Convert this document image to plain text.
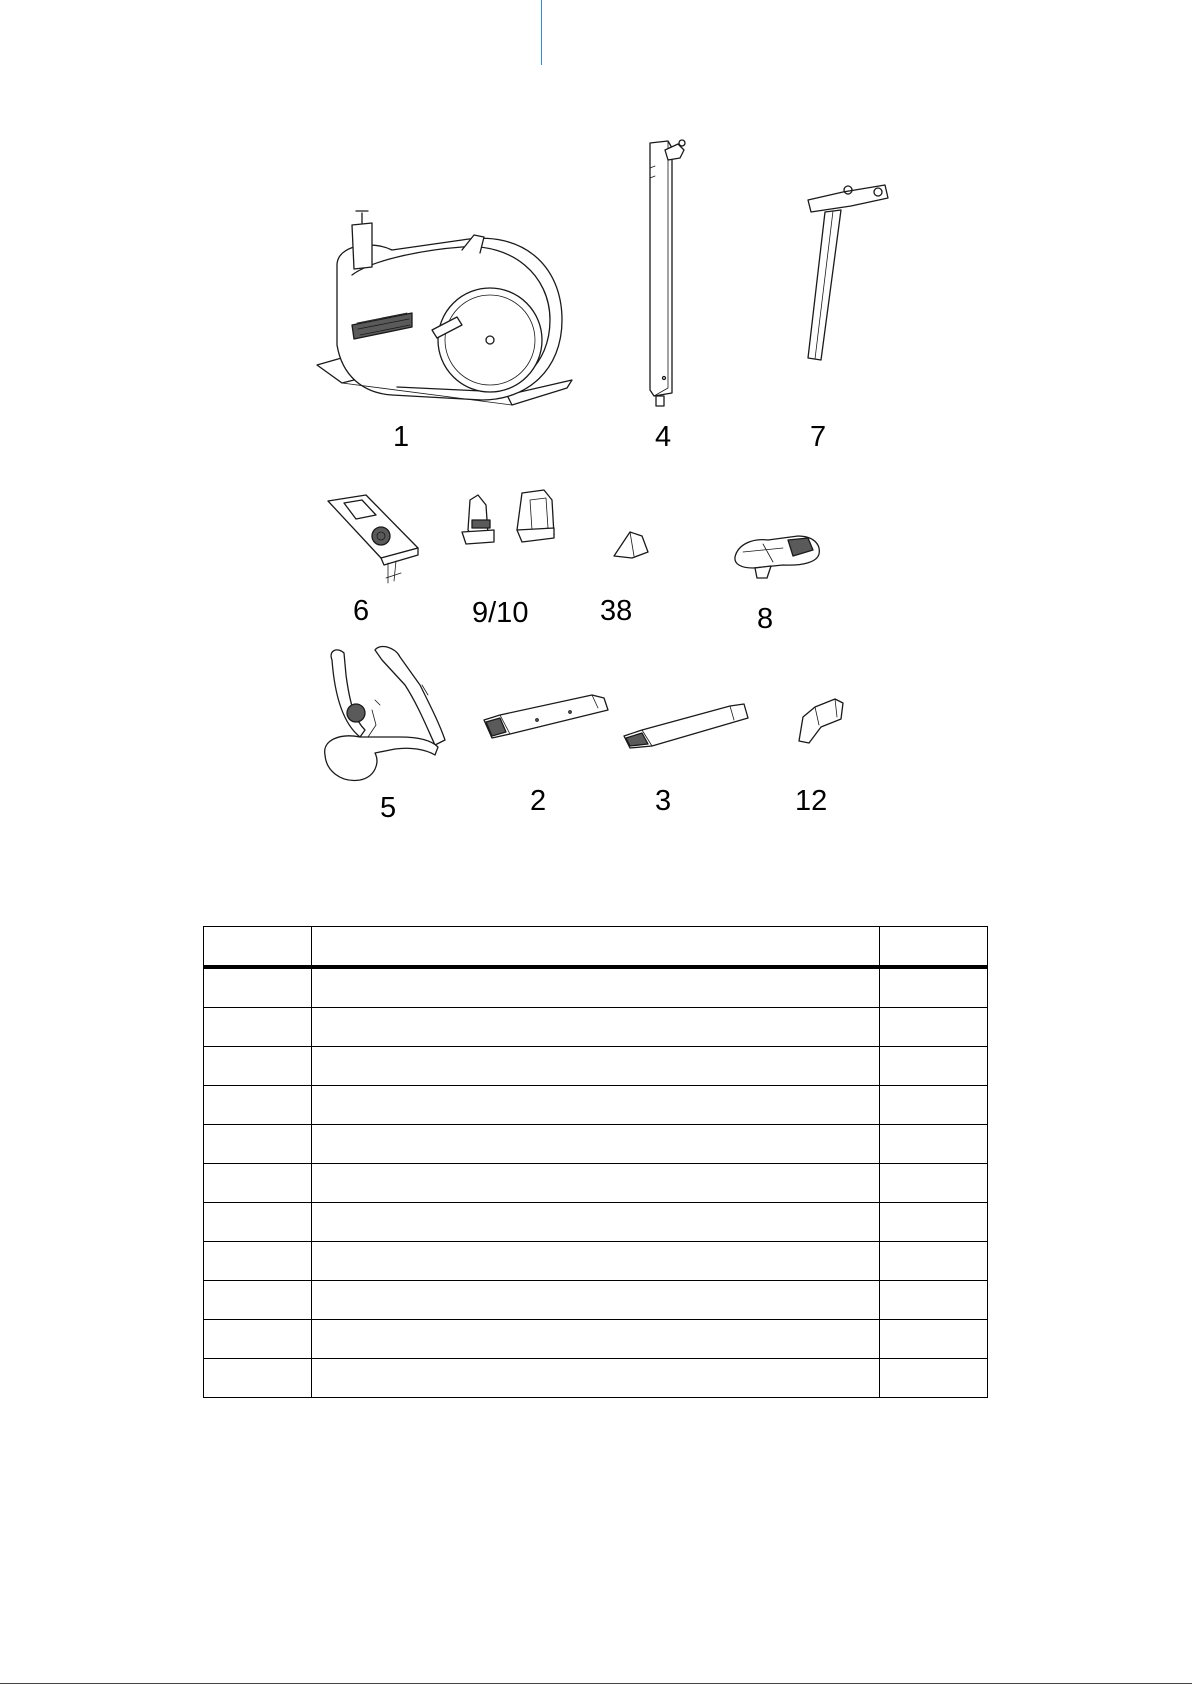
1	4	7
6	9/10 38	8
5	2	3	12
